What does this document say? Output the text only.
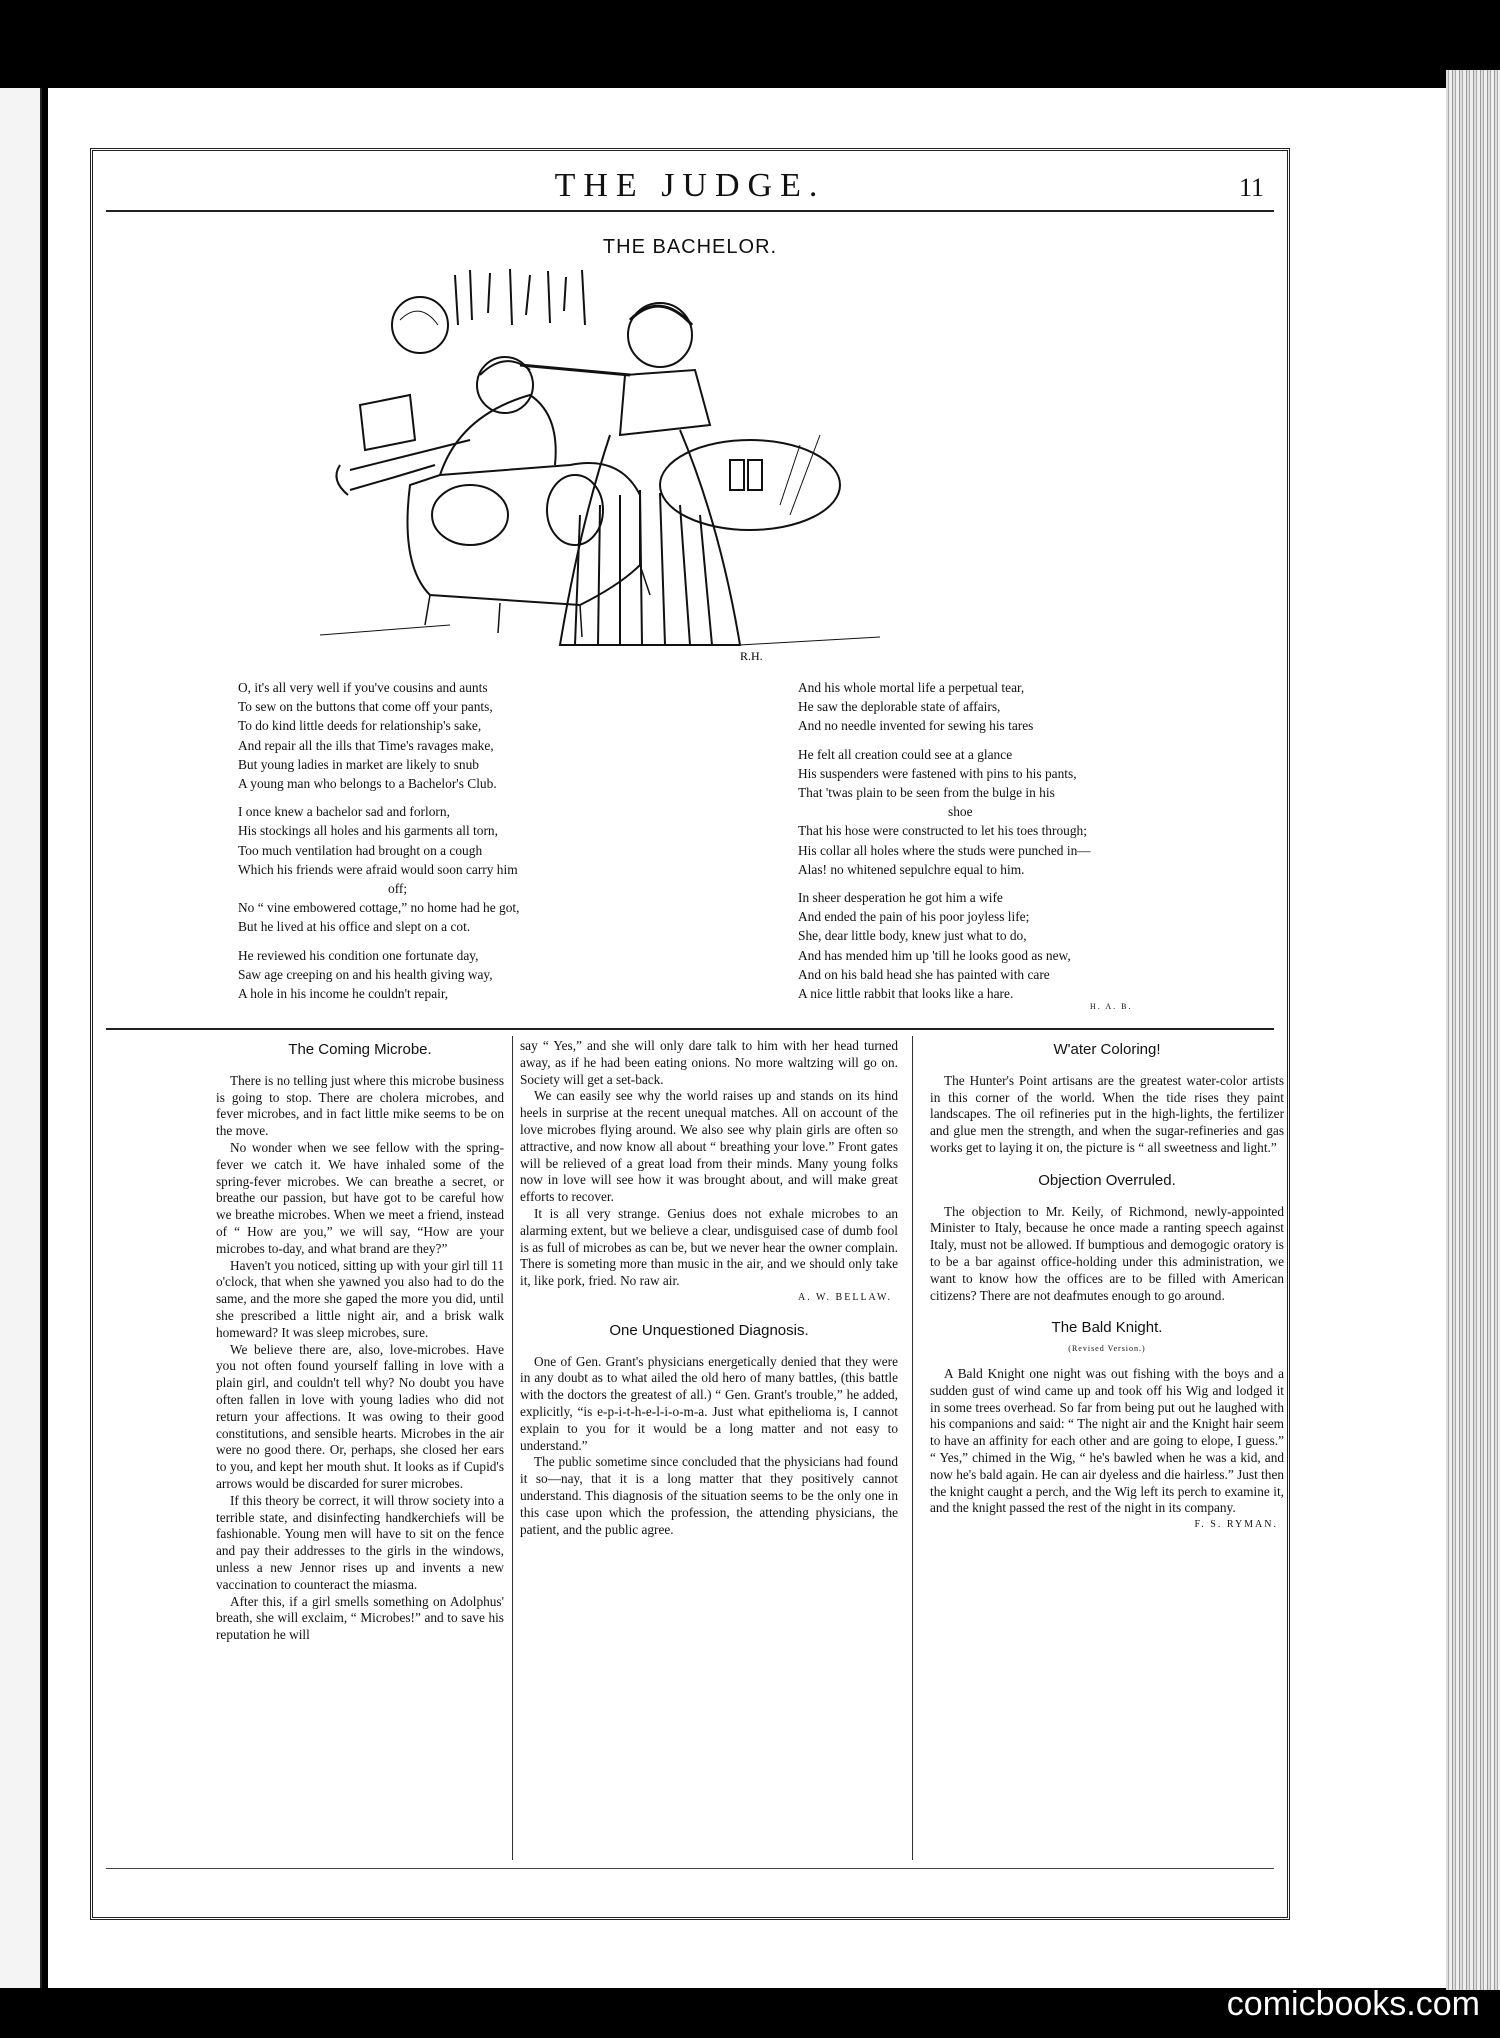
THE JUDGE.	11
THE BACHELOR.
R.H.
O, it's all very well if you've cousins and aunts
To sew on the buttons that come off your pants,
To do kind little deeds for relationship's sake,
And repair all the ills that Time's ravages make,
But young ladies in market are likely to snub
A young man who belongs to a Bachelor's Club.
I once knew a bachelor sad and forlorn,
His stockings all holes and his garments all torn,
Too much ventilation had brought on a cough
Which his friends were afraid would soon carry him
off;
No “ vine embowered cottage,” no home had he got,
But he lived at his office and slept on a cot.
He reviewed his condition one fortunate day,
Saw age creeping on and his health giving way,
A hole in his income he couldn't repair,
And his whole mortal life a perpetual tear,
He saw the deplorable state of affairs,
And no needle invented for sewing his tares
He felt all creation could see at a glance
His suspenders were fastened with pins to his pants,
That 'twas plain to be seen from the bulge in his
shoe
That his hose were constructed to let his toes through;
His collar all holes where the studs were punched in—
Alas! no whitened sepulchre equal to him.
In sheer desperation he got him a wife
And ended the pain of his poor joyless life;
She, dear little body, knew just what to do,
And has mended him up 'till he looks good as new,
And on his bald head she has painted with care
A nice little rabbit that looks like a hare.
H. A. B.
The Coming Microbe.

There is no telling just where this microbe business is going to stop. There are cholera microbes, and fever microbes, and in fact little mike seems to be on the move.

No wonder when we see fellow with the spring-fever we catch it. We have inhaled some of the spring-fever microbes. We can breathe a secret, or breathe our passion, but have got to be careful how we breathe microbes. When we meet a friend, instead of “ How are you,” we will say, “How are your microbes to-day, and what brand are they?”

Haven't you noticed, sitting up with your girl till 11 o'clock, that when she yawned you also had to do the same, and the more she gaped the more you did, until she prescribed a little night air, and a brisk walk homeward? It was sleep microbes, sure.

We believe there are, also, love-microbes. Have you not often found yourself falling in love with a plain girl, and couldn't tell why? No doubt you have often fallen in love with young ladies who did not return your affections. It was owing to their good constitutions, and sensible hearts. Microbes in the air were no good there. Or, perhaps, she closed her ears to you, and kept her mouth shut. It looks as if Cupid's arrows would be discarded for surer microbes.

If this theory be correct, it will throw society into a terrible state, and disinfecting handkerchiefs will be fashionable. Young men will have to sit on the fence and pay their addresses to the girls in the windows, unless a new Jennor rises up and invents a new vaccination to counteract the miasma.

After this, if a girl smells something on Adolphus' breath, she will exclaim, “ Microbes!” and to save his reputation he will

say “ Yes,” and she will only dare talk to him with her head turned away, as if he had been eating onions. No more waltzing will go on. Society will get a set-back.

We can easily see why the world raises up and stands on its hind heels in surprise at the recent unequal matches. All on account of the love microbes flying around. We also see why plain girls are often so attractive, and now know all about “ breathing your love.” Front gates will be relieved of a great load from their minds. Many young folks now in love will see how it was brought about, and will make great efforts to recover.

It is all very strange. Genius does not exhale microbes to an alarming extent, but we believe a clear, undisguised case of dumb fool is as full of microbes as can be, but we never hear the owner complain. There is someting more than music in the air, and we should only take it, like pork, fried. No raw air.

A. W. BELLAW.
One Unquestioned Diagnosis.

One of Gen. Grant's physicians energetically denied that they were in any doubt as to what ailed the old hero of many battles, (this battle with the doctors the greatest of all.) “ Gen. Grant's trouble,” he added, explicitly, “is e-p-i-t-h-e-l-i-o-m-a. Just what epithelioma is, I cannot explain to you for it would be a long matter and not easy to understand.”

The public sometime since concluded that the physicians had found it so—nay, that it is a long matter that they positively cannot understand. This diagnosis of the situation seems to be the only one in this case upon which the profession, the attending physicians, the patient, and the public agree.

W'ater Coloring!

The Hunter's Point artisans are the greatest water-color artists in this corner of the world. When the tide rises they paint landscapes. The oil refineries put in the high-lights, the fertilizer and glue men the strength, and when the sugar-refineries and gas works get to laying it on, the picture is “ all sweetness and light.”

Objection Overruled.

The objection to Mr. Keily, of Richmond, newly-appointed Minister to Italy, because he once made a ranting speech against Italy, must not be allowed. If bumptious and demogogic oratory is to be a bar against office-holding under this administration, we want to know how the offices are to be filled with American citizens? There are not deafmutes enough to go around.

The Bald Knight.
(Revised Version.)

A Bald Knight one night was out fishing with the boys and a sudden gust of wind came up and took off his Wig and lodged it in some trees overhead. So far from being put out he laughed with his companions and said: “ The night air and the Knight hair seem to have an affinity for each other and are going to elope, I guess.” “ Yes,” chimed in the Wig, “ he's bawled when he was a kid, and now he's bald again. He can air dyeless and die hairless.” Just then the knight caught a perch, and the Wig left its perch to examine it, and the knight passed the rest of the night in its company.

F. S. RYMAN.
comicbooks.com
